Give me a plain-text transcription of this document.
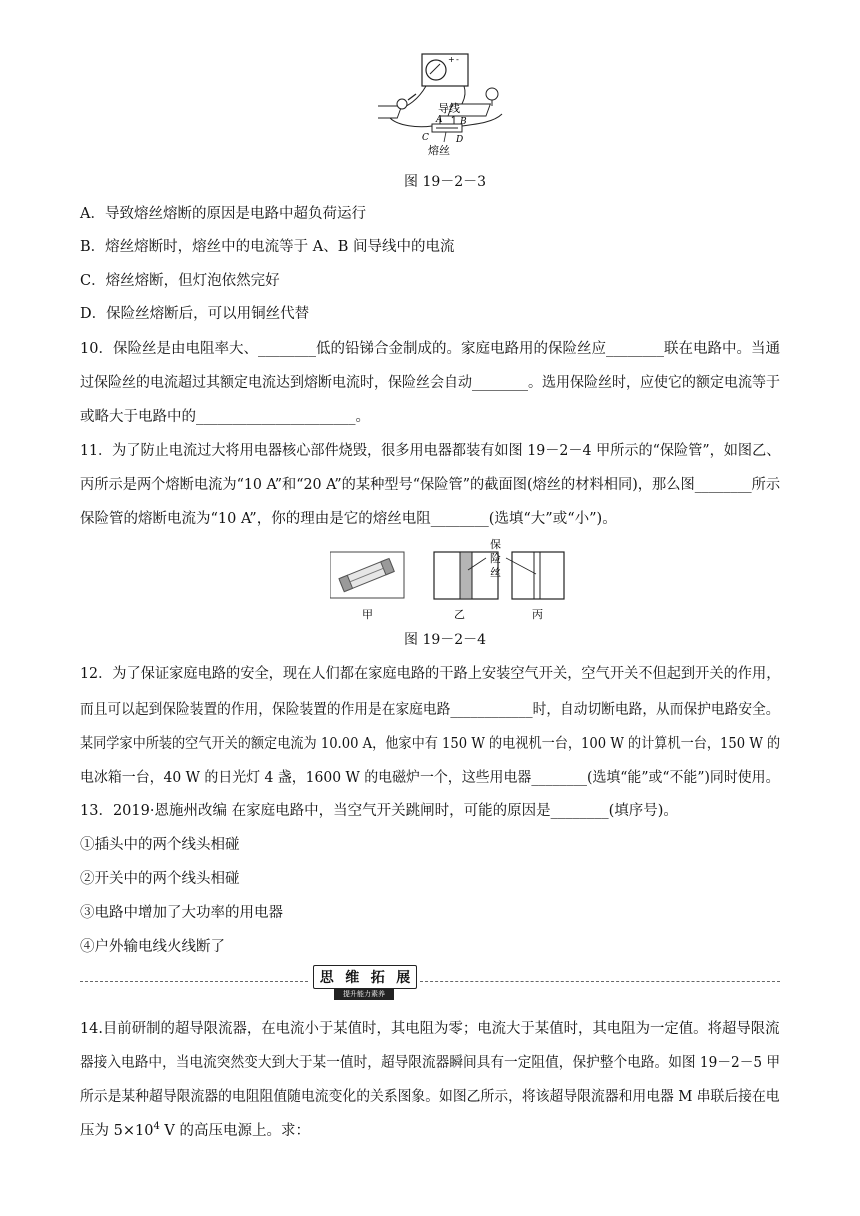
+ -
导线
A B
C	D
熔丝
图 19－2－3
A．导致熔丝熔断的原因是电路中超负荷运行
B．熔丝熔断时，熔丝中的电流等于 A、B 间导线中的电流
C．熔丝熔断，但灯泡依然完好
D．保险丝熔断后，可以用铜丝代替
10．保险丝是由电阻率大、________低的铅锑合金制成的。家庭电路用的保险丝应________联在电路中。当通
过保险丝的电流超过其额定电流达到熔断电流时，保险丝会自动________。选用保险丝时，应使它的额定电流等于
或略大于电路中的______________________。
11．为了防止电流过大将用电器核心部件烧毁，很多用电器都装有如图 19－2－4 甲所示的“保险管”，如图乙、
丙所示是两个熔断电流为“10 A”和“20 A”的某种型号“保险管”的截面图(熔丝的材料相同)，那么图________所示
保险管的熔断电流为“10 A”，你的理由是它的熔丝电阻________(选填“大”或“小”)。
保
险
丝
甲	乙	丙
图 19－2－4
12．为了保证家庭电路的安全，现在人们都在家庭电路的干路上安装空气开关，空气开关不但起到开关的作用，
而且可以起到保险装置的作用，保险装置的作用是在家庭电路____________时，自动切断电路，从而保护电路安全。
某同学家中所装的空气开关的额定电流为 10.00 A，他家中有 150 W 的电视机一台，100 W 的计算机一台，150 W 的
电冰箱一台，40 W 的日光灯 4 盏，1600 W 的电磁炉一个，这些用电器________(选填“能”或“不能”)同时使用。
13．2019·恩施州改编 在家庭电路中，当空气开关跳闸时，可能的原因是________(填序号)。
①插头中的两个线头相碰
②开关中的两个线头相碰
③电路中增加了大功率的用电器
④户外输电线火线断了
思 维 拓 展
提升能力素养
14.目前研制的超导限流器，在电流小于某值时，其电阻为零；电流大于某值时，其电阻为一定值。将超导限流
器接入电路中，当电流突然变大到大于某一值时，超导限流器瞬间具有一定阻值，保护整个电路。如图 19－2－5 甲
所示是某种超导限流器的电阻阻值随电流变化的关系图象。如图乙所示，将该超导限流器和用电器 M 串联后接在电
压为 $5\times 10^4$ V 的高压电源上。求：
